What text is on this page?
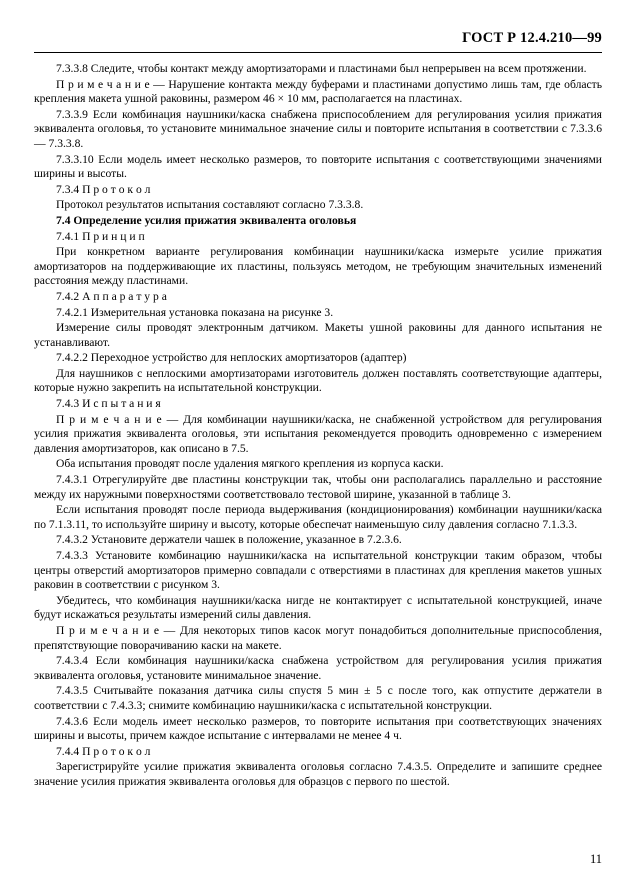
ГОСТ Р 12.4.210—99

7.3.3.8 Следите, чтобы контакт между амортизаторами и пластинами был непрерывен на всем протяжении.

П р и м е ч а н и е — Нарушение контакта между буферами и пластинами допустимо лишь там, где область крепления макета ушной раковины, размером 46 × 10 мм, располагается на пластинах.

7.3.3.9 Если комбинация наушники/каска снабжена приспособлением для регулирования усилия прижатия эквивалента оголовья, то установите минимальное значение силы и повторите испытания в соответствии с 7.3.3.6 — 7.3.3.8.

7.3.3.10 Если модель имеет несколько размеров, то повторите испытания с соответствующими значениями ширины и высоты.

7.3.4 П р о т о к о л

Протокол результатов испытания составляют согласно 7.3.3.8.

7.4 Определение усилия прижатия эквивалента оголовья

7.4.1 П р и н ц и п

При конкретном варианте регулирования комбинации наушники/каска измерьте усилие прижатия амортизаторов на поддерживающие их пластины, пользуясь методом, не требующим значительных изменений расстояния между пластинами.

7.4.2 А п п а р а т у р а

7.4.2.1 Измерительная установка показана на рисунке 3.

Измерение силы проводят электронным датчиком. Макеты ушной раковины для данного испытания не устанавливают.

7.4.2.2 Переходное устройство для неплоских амортизаторов (адаптер)

Для наушников с неплоскими амортизаторами изготовитель должен поставлять соответствующие адаптеры, которые нужно закрепить на испытательной конструкции.

7.4.3 И с п ы т а н и я

П р и м е ч а н и е — Для комбинации наушники/каска, не снабженной устройством для регулирования усилия прижатия эквивалента оголовья, эти испытания рекомендуется проводить одновременно с измерением давления амортизаторов, как описано в 7.5.

Оба испытания проводят после удаления мягкого крепления из корпуса каски.

7.4.3.1 Отрегулируйте две пластины конструкции так, чтобы они располагались параллельно и расстояние между их наружными поверхностями соответствовало тестовой ширине, указанной в таблице 3.

Если испытания проводят после периода выдерживания (кондиционирования) комбинации наушники/каска по 7.1.3.11, то используйте ширину и высоту, которые обеспечат наименьшую силу давления согласно 7.1.3.3.

7.4.3.2 Установите держатели чашек в положение, указанное в 7.2.3.6.

7.4.3.3 Установите комбинацию наушники/каска на испытательной конструкции таким образом, чтобы центры отверстий амортизаторов примерно совпадали с отверстиями в пластинах для крепления макетов ушных раковин в соответствии с рисунком 3.

Убедитесь, что комбинация наушники/каска нигде не контактирует с испытательной конструкцией, иначе будут искажаться результаты измерений силы давления.

П р и м е ч а н и е — Для некоторых типов касок могут понадобиться дополнительные приспособления, препятствующие поворачиванию каски на макете.

7.4.3.4 Если комбинация наушники/каска снабжена устройством для регулирования усилия прижатия эквивалента оголовья, установите минимальное значение.

7.4.3.5 Считывайте показания датчика силы спустя 5 мин ± 5 с после того, как отпустите держатели в соответствии с 7.4.3.3; снимите комбинацию наушники/каска с испытательной конструкции.

7.4.3.6 Если модель имеет несколько размеров, то повторите испытания при соответствующих значениях ширины и высоты, причем каждое испытание с интервалами не менее 4 ч.

7.4.4 П р о т о к о л

Зарегистрируйте усилие прижатия эквивалента оголовья согласно 7.4.3.5. Определите и запишите среднее значение усилия прижатия эквивалента оголовья для образцов с первого по шестой.

11
